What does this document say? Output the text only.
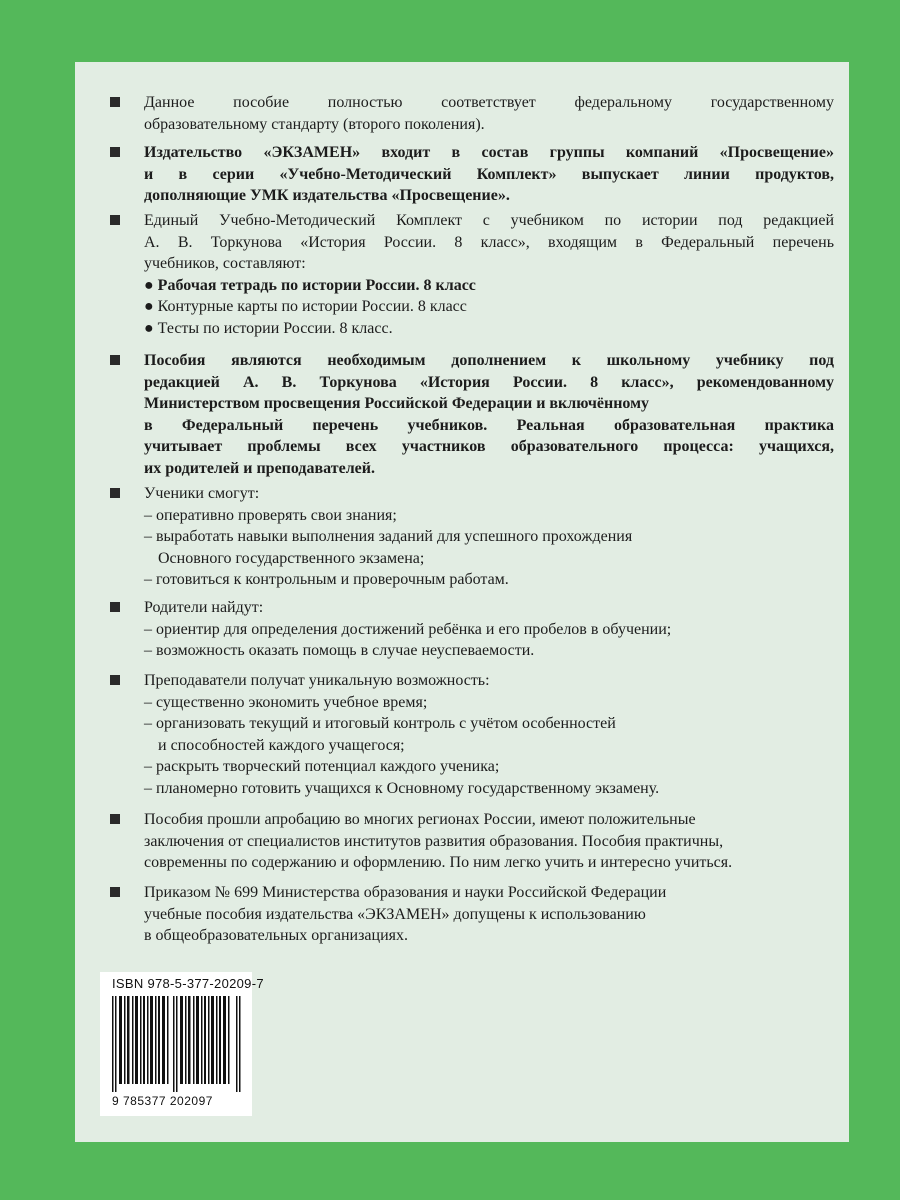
Данное пособие полностью соответствует федеральному государственному
образовательному стандарту (второго поколения).
Издательство «ЭКЗАМЕН» входит в состав группы компаний «Просвещение»
и в серии «Учебно-Методический Комплект» выпускает линии продуктов,
дополняющие УМК издательства «Просвещение».
Единый Учебно-Методический Комплект с учебником по истории под редакцией
А. В. Торкунова «История России. 8 класс», входящим в Федеральный перечень
учебников, составляют:
● Рабочая тетрадь по истории России. 8 класс
● Контурные карты по истории России. 8 класс
● Тесты по истории России. 8 класс.
Пособия являются необходимым дополнением к школьному учебнику под
редакцией А. В. Торкунова «История России. 8 класс», рекомендованному
Министерством просвещения Российской Федерации и включённому
в Федеральный перечень учебников. Реальная образовательная практика
учитывает проблемы всех участников образовательного процесса: учащихся,
их родителей и преподавателей.
Ученики смогут:
– оперативно проверять свои знания;
– выработать навыки выполнения заданий для успешного прохождения
Основного государственного экзамена;
– готовиться к контрольным и проверочным работам.
Родители найдут:
– ориентир для определения достижений ребёнка и его пробелов в обучении;
– возможность оказать помощь в случае неуспеваемости.
Преподаватели получат уникальную возможность:
– существенно экономить учебное время;
– организовать текущий и итоговый контроль с учётом особенностей
и способностей каждого учащегося;
– раскрыть творческий потенциал каждого ученика;
– планомерно готовить учащихся к Основному государственному экзамену.
Пособия прошли апробацию во многих регионах России, имеют положительные
заключения от специалистов институтов развития образования. Пособия практичны,
современны по содержанию и оформлению. По ним легко учить и интересно учиться.
Приказом № 699 Министерства образования и науки Российской Федерации
учебные пособия издательства «ЭКЗАМЕН» допущены к использованию
в общеобразовательных организациях.
ISBN 978-5-377-20209-7
9 785377 202097
